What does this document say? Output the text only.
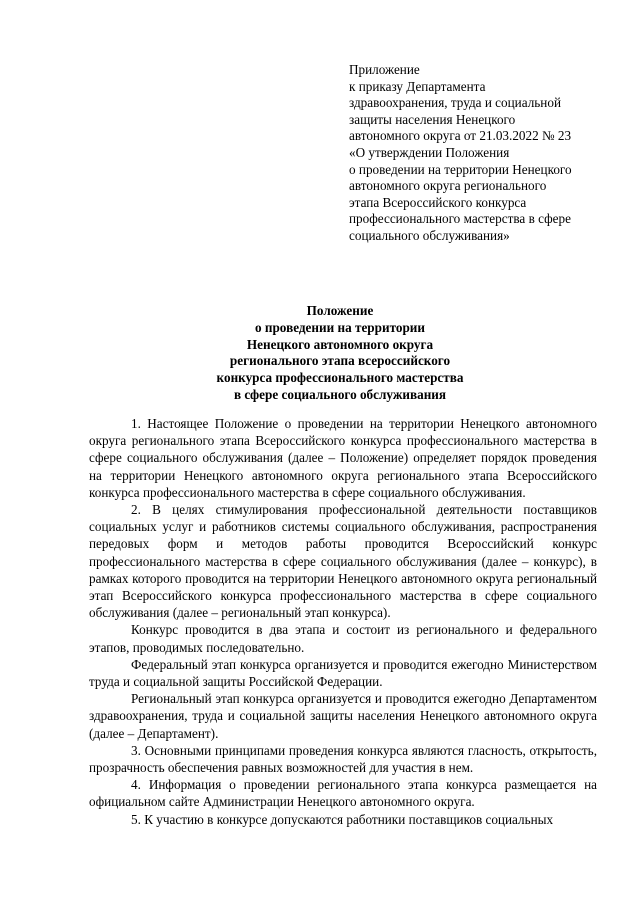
Приложение
к приказу Департамента
здравоохранения, труда и социальной
защиты населения Ненецкого
автономного округа от 21.03.2022 № 23
«О утверждении Положения
о проведении на территории Ненецкого
автономного округа регионального
этапа Всероссийского конкурса
профессионального мастерства в сфере
социального обслуживания»
Положение
о проведении на территории
Ненецкого автономного округа
регионального этапа всероссийского
конкурса профессионального мастерства
в сфере социального обслуживания

1. Настоящее Положение о проведении на территории Ненецкого автономного округа регионального этапа Всероссийского конкурса профессионального мастерства в сфере социального обслуживания (далее – Положение) определяет порядок проведения на территории Ненецкого автономного округа регионального этапа Всероссийского конкурса профессионального мастерства в сфере социального обслуживания.

2. В целях стимулирования профессиональной деятельности поставщиков социальных услуг и работников системы социального обслуживания, распространения передовых форм и методов работы проводится Всероссийский конкурс профессионального мастерства в сфере социального обслуживания (далее – конкурс), в рамках которого проводится на территории Ненецкого автономного округа региональный этап Всероссийского конкурса профессионального мастерства в сфере социального обслуживания (далее – региональный этап конкурса).

Конкурс проводится в два этапа и состоит из регионального и федерального этапов, проводимых последовательно.

Федеральный этап конкурса организуется и проводится ежегодно Министерством труда и социальной защиты Российской Федерации.

Региональный этап конкурса организуется и проводится ежегодно Департаментом здравоохранения, труда и социальной защиты населения Ненецкого автономного округа (далее – Департамент).

3. Основными принципами проведения конкурса являются гласность, открытость, прозрачность обеспечения равных возможностей для участия в нем.

4. Информация о проведении регионального этапа конкурса размещается на официальном сайте Администрации Ненецкого автономного округа.

5. К участию в конкурсе допускаются работники поставщиков социальных
